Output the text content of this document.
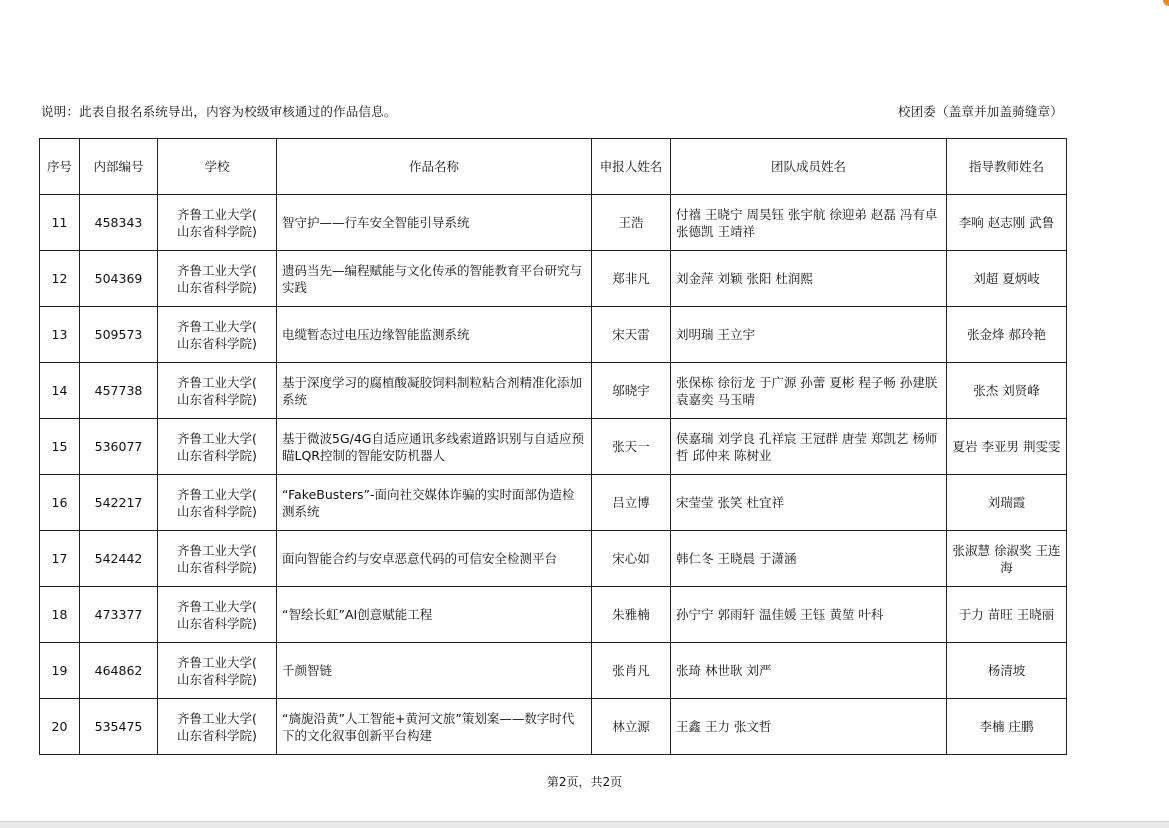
说明：此表自报名系统导出，内容为校级审核通过的作品信息。	校团委（盖章并加盖骑缝章）
序号	内部编号	学校	作品名称	申报人姓名	团队成员姓名	指导教师姓名
11	458343	齐鲁工业大学(
山东省科学院)	智守护——行车安全智能引导系统	王浩	付禧 王晓宁 周昊钰 张宇航 徐迎弟 赵磊 冯有卓 张德凯 王靖祥	李响 赵志刚 武鲁
12	504369	齐鲁工业大学(
山东省科学院)	遗码当先—编程赋能与文化传承的智能教育平台研究与实践	郑非凡	刘金萍 刘颖 张阳 杜润熙	刘超 夏炳岐
13	509573	齐鲁工业大学(
山东省科学院)	电缆暂态过电压边缘智能监测系统	宋天雷	刘明瑞 王立宇	张金烽 郝玲艳
14	457738	齐鲁工业大学(
山东省科学院)	基于深度学习的腐植酸凝胶饲料制粒粘合剂精准化添加系统	邬晓宇	张保栋 徐衍龙 于广源 孙蕾 夏彬 程子畅 孙建朕 袁嘉奕 马玉晴	张杰 刘贤峰
15	536077	齐鲁工业大学(
山东省科学院)	基于微波5G/4G自适应通讯多线索道路识别与自适应预瞄LQR控制的智能安防机器人	张天一	侯嘉瑞 刘学良 孔祥宸 王冠群 唐莹 郑凯艺 杨师哲 邱仲来 陈树业	夏岩 李亚男 荆雯雯
16	542217	齐鲁工业大学(
山东省科学院)	“FakeBusters”-面向社交媒体诈骗的实时面部伪造检测系统	吕立博	宋莹莹 张笑 杜宜祥	刘瑞霞
17	542442	齐鲁工业大学(
山东省科学院)	面向智能合约与安卓恶意代码的可信安全检测平台	宋心如	韩仁冬 王晓晨 于潇涵	张淑慧 徐淑奖 王连海
18	473377	齐鲁工业大学(
山东省科学院)	“智绘长虹”AI创意赋能工程	朱雅楠	孙宁宁 郭雨轩 温佳媛 王钰 黄堃 叶科	于力 苗旺 王晓丽
19	464862	齐鲁工业大学(
山东省科学院)	千颜智链	张肖凡	张琦 林世耿 刘严	杨清坡
20	535475	齐鲁工业大学(
山东省科学院)	“旖旎沿黄”人工智能+黄河文旅”策划案——数字时代下的文化叙事创新平台构建	林立源	王鑫 王力 张文哲	李楠 庄鹏
第2页，共2页
